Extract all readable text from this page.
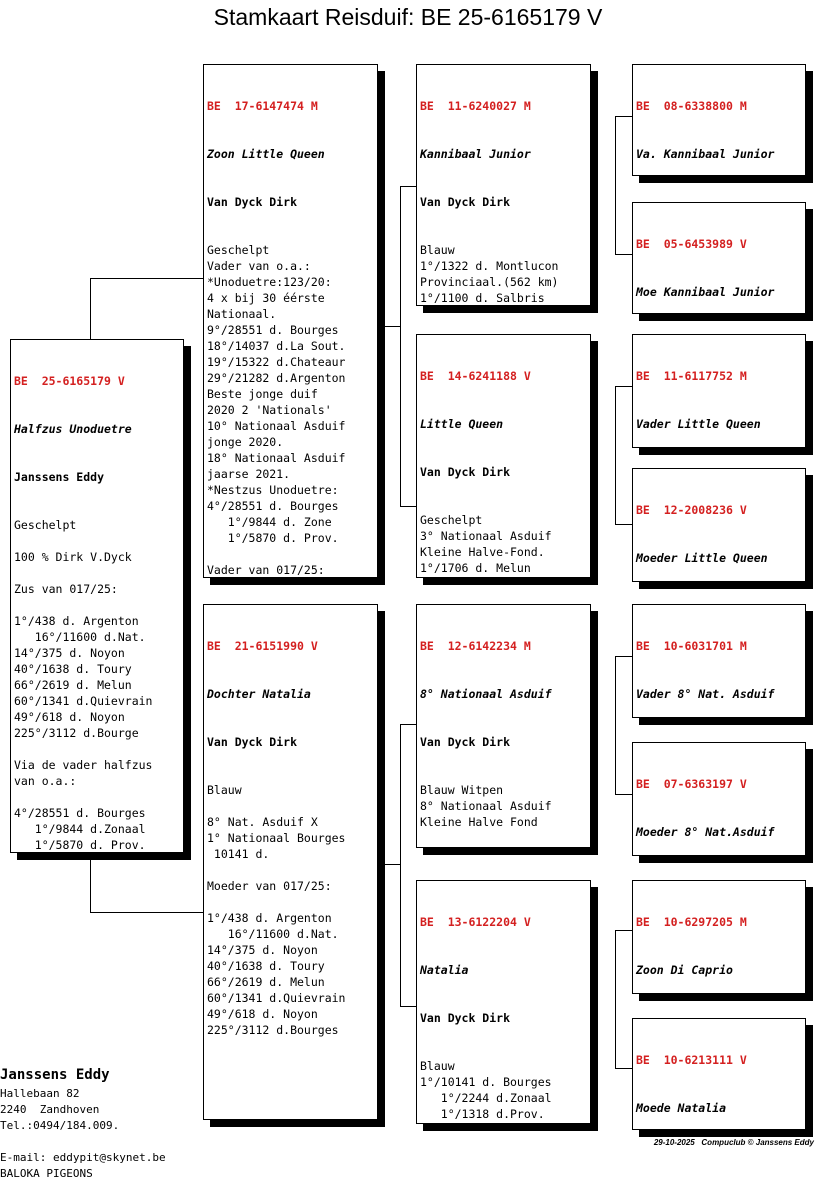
Stamkaart Reisduif: BE 25-6165179 V

BE  25-6165179 V

Halfzus Unoduetre

Janssens Eddy

Geschelpt

100 % Dirk V.Dyck

Zus van 017/25:

1°/438 d. Argenton
16°/11600 d.Nat.
14°/375 d. Noyon
40°/1638 d. Toury
66°/2619 d. Melun
60°/1341 d.Quievrain
49°/618 d. Noyon
225°/3112 d.Bourge

Via de vader halfzus
van o.a.:

4°/28551 d. Bourges
1°/9844 d.Zonaal
1°/5870 d. Prov.

BE  17-6147474 M

Zoon Little Queen

Van Dyck Dirk

Geschelpt
Vader van o.a.:
*Unoduetre:123/20:
4 x bij 30 éérste
Nationaal.
9°/28551 d. Bourges
18°/14037 d.La Sout.
19°/15322 d.Chateaur
29°/21282 d.Argenton
Beste jonge duif
2020 2 'Nationals'
10° Nationaal Asduif
jonge 2020.
18° Nationaal Asduif
jaarse 2021.
*Nestzus Unoduetre:
4°/28551 d. Bourges
1°/9844 d. Zone
1°/5870 d. Prov.

Vader van 017/25:

BE  21-6151990 V

Dochter Natalia

Van Dyck Dirk

Blauw

8° Nat. Asduif X
1° Nationaal Bourges
10141 d.

Moeder van 017/25:

1°/438 d. Argenton
16°/11600 d.Nat.
14°/375 d. Noyon
40°/1638 d. Toury
66°/2619 d. Melun
60°/1341 d.Quievrain
49°/618 d. Noyon
225°/3112 d.Bourges

BE  11-6240027 M

Kannibaal Junior

Van Dyck Dirk

Blauw
1°/1322 d. Montlucon
Provinciaal.(562 km)
1°/1100 d. Salbris

BE  14-6241188 V

Little Queen

Van Dyck Dirk

Geschelpt
3° Nationaal Asduif
Kleine Halve-Fond.
1°/1706 d. Melun

BE  12-6142234 M

8° Nationaal Asduif

Van Dyck Dirk

Blauw Witpen
8° Nationaal Asduif
Kleine Halve Fond

BE  13-6122204 V

Natalia

Van Dyck Dirk

Blauw
1°/10141 d. Bourges
1°/2244 d.Zonaal
1°/1318 d.Prov.

BE  08-6338800 M

Va. Kannibaal Junior

BE  05-6453989 V

Moe Kannibaal Junior

BE  11-6117752 M

Vader Little Queen

BE  12-2008236 V

Moeder Little Queen

BE  10-6031701 M

Vader 8° Nat. Asduif

BE  07-6363197 V

Moeder 8° Nat.Asduif

BE  10-6297205 M

Zoon Di Caprio

BE  10-6213111 V

Moede Natalia

Janssens Eddy
Hallebaan 82
2240  Zandhoven
Tel.:0494/184.009.

E-mail: eddypit@skynet.be
BALOKA PIGEONS

29-10-2025   Compuclub © Janssens Eddy
